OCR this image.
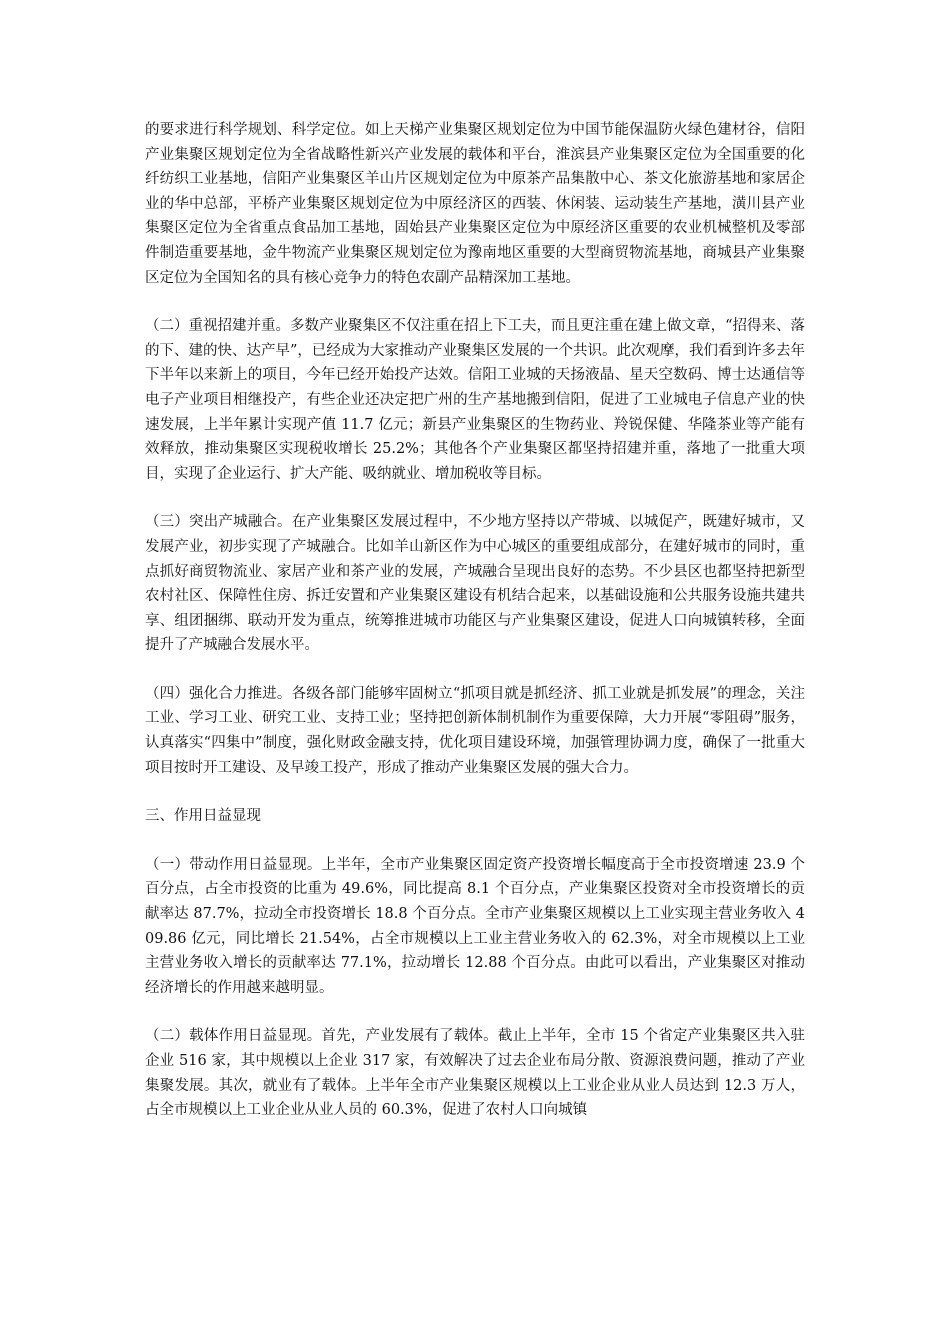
的要求进行科学规划、科学定位。如上天梯产业集聚区规划定位为中国节能保温防火绿色建材谷，信阳产业集聚区规划定位为全省战略性新兴产业发展的载体和平台，淮滨县产业集聚区定位为全国重要的化纤纺织工业基地，信阳产业集聚区羊山片区规划定位为中原茶产品集散中心、茶文化旅游基地和家居企业的华中总部，平桥产业集聚区规划定位为中原经济区的西装、休闲装、运动装生产基地，潢川县产业集聚区定位为全省重点食品加工基地，固始县产业集聚区定位为中原经济区重要的农业机械整机及零部件制造重要基地，金牛物流产业集聚区规划定位为豫南地区重要的大型商贸物流基地，商城县产业集聚区定位为全国知名的具有核心竞争力的特色农副产品精深加工基地。

（二）重视招建并重。多数产业聚集区不仅注重在招上下工夫，而且更注重在建上做文章，“招得来、落的下、建的快、达产早”，已经成为大家推动产业聚集区发展的一个共识。此次观摩，我们看到许多去年下半年以来新上的项目，今年已经开始投产达效。信阳工业城的天扬液晶、星天空数码、博士达通信等电子产业项目相继投产，有些企业还决定把广州的生产基地搬到信阳，促进了工业城电子信息产业的快速发展，上半年累计实现产值 11.7 亿元；新县产业集聚区的生物药业、羚锐保健、华隆茶业等产能有效释放，推动集聚区实现税收增长 25.2%；其他各个产业集聚区都坚持招建并重，落地了一批重大项目，实现了企业运行、扩大产能、吸纳就业、增加税收等目标。

（三）突出产城融合。在产业集聚区发展过程中，不少地方坚持以产带城、以城促产，既建好城市，又发展产业，初步实现了产城融合。比如羊山新区作为中心城区的重要组成部分，在建好城市的同时，重点抓好商贸物流业、家居产业和茶产业的发展，产城融合呈现出良好的态势。不少县区也都坚持把新型农村社区、保障性住房、拆迁安置和产业集聚区建设有机结合起来，以基础设施和公共服务设施共建共享、组团捆绑、联动开发为重点，统筹推进城市功能区与产业集聚区建设，促进人口向城镇转移，全面提升了产城融合发展水平。

（四）强化合力推进。各级各部门能够牢固树立“抓项目就是抓经济、抓工业就是抓发展”的理念，关注工业、学习工业、研究工业、支持工业；坚持把创新体制机制作为重要保障，大力开展“零阻碍”服务，认真落实“四集中”制度，强化财政金融支持，优化项目建设环境，加强管理协调力度，确保了一批重大项目按时开工建设、及早竣工投产，形成了推动产业集聚区发展的强大合力。

三、作用日益显现

（一）带动作用日益显现。上半年，全市产业集聚区固定资产投资增长幅度高于全市投资增速 23.9 个百分点，占全市投资的比重为 49.6%，同比提高 8.1 个百分点，产业集聚区投资对全市投资增长的贡献率达 87.7%，拉动全市投资增长 18.8 个百分点。全市产业集聚区规模以上工业实现主营业务收入 409.86 亿元，同比增长 21.54%，占全市规模以上工业主营业务收入的 62.3%，对全市规模以上工业主营业务收入增长的贡献率达 77.1%，拉动增长 12.88 个百分点。由此可以看出，产业集聚区对推动经济增长的作用越来越明显。

（二）载体作用日益显现。首先，产业发展有了载体。截止上半年，全市 15 个省定产业集聚区共入驻企业 516 家，其中规模以上企业 317 家，有效解决了过去企业布局分散、资源浪费问题，推动了产业集聚发展。其次，就业有了载体。上半年全市产业集聚区规模以上工业企业从业人员达到 12.3 万人，占全市规模以上工业企业从业人员的 60.3%，促进了农村人口向城镇
